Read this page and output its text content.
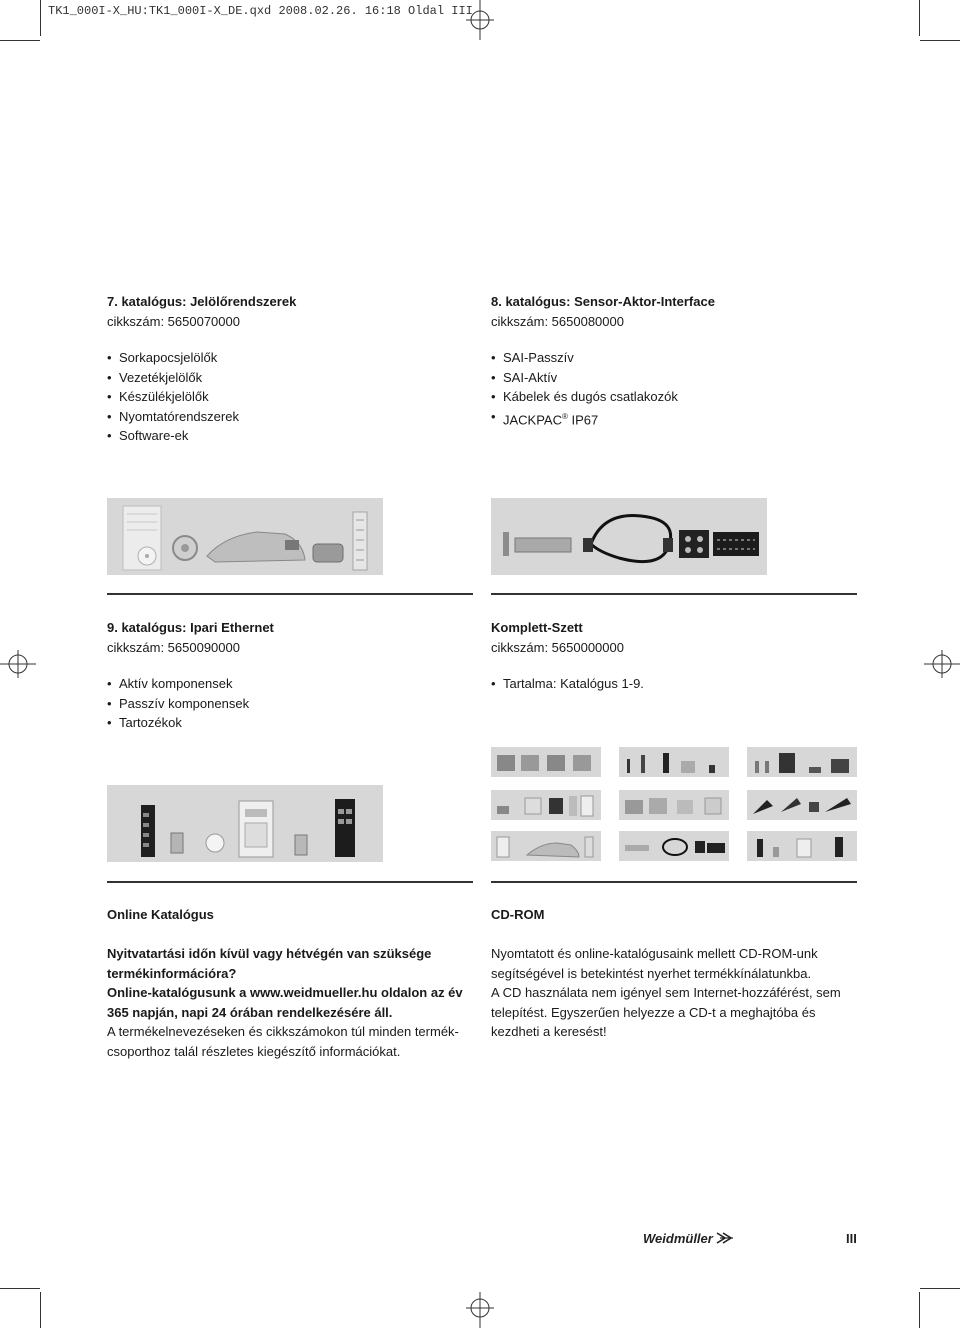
TK1_000I-X_HU:TK1_000I-X_DE.qxd 2008.02.26. 16:18 Oldal III
7. katalógus: Jelölőrendszerek
cikkszám: 5650070000
• Sorkapocsjelölők
• Vezetékjelölők
• Készülékjelölők
• Nyomtatórendszerek
• Software-ek
8. katalógus: Sensor-Aktor-Interface
cikkszám: 5650080000
• SAI-Passzív
• SAI-Aktív
• Kábelek és dugós csatlakozók
• JACKPAC® IP67
9. katalógus: Ipari Ethernet
cikkszám: 5650090000
• Aktív komponensek
• Passzív komponensek
• Tartozékok
Komplett-Szett
cikkszám: 5650000000
• Tartalma: Katalógus 1-9.
Online Katalógus
Nyitvatartási időn kívül vagy hétvégén van szüksége
termékinformációra?
Online-katalógusunk a www.weidmueller.hu oldalon az év
365 napján, napi 24 órában rendelkezésére áll.
A termékelnevezéseken és cikkszámokon túl minden termék-
csoporthoz talál részletes kiegészítő információkat.
CD-ROM
Nyomtatott és online-katalógusaink mellett CD-ROM-unk
segítségével is betekintést nyerhet termékkínálatunkba.
A CD használata nem igényel sem Internet-hozzáférést, sem
telepítést. Egyszerűen helyezze a CD-t a meghajtóba és
kezdheti a keresést!
Weidmüller	III
